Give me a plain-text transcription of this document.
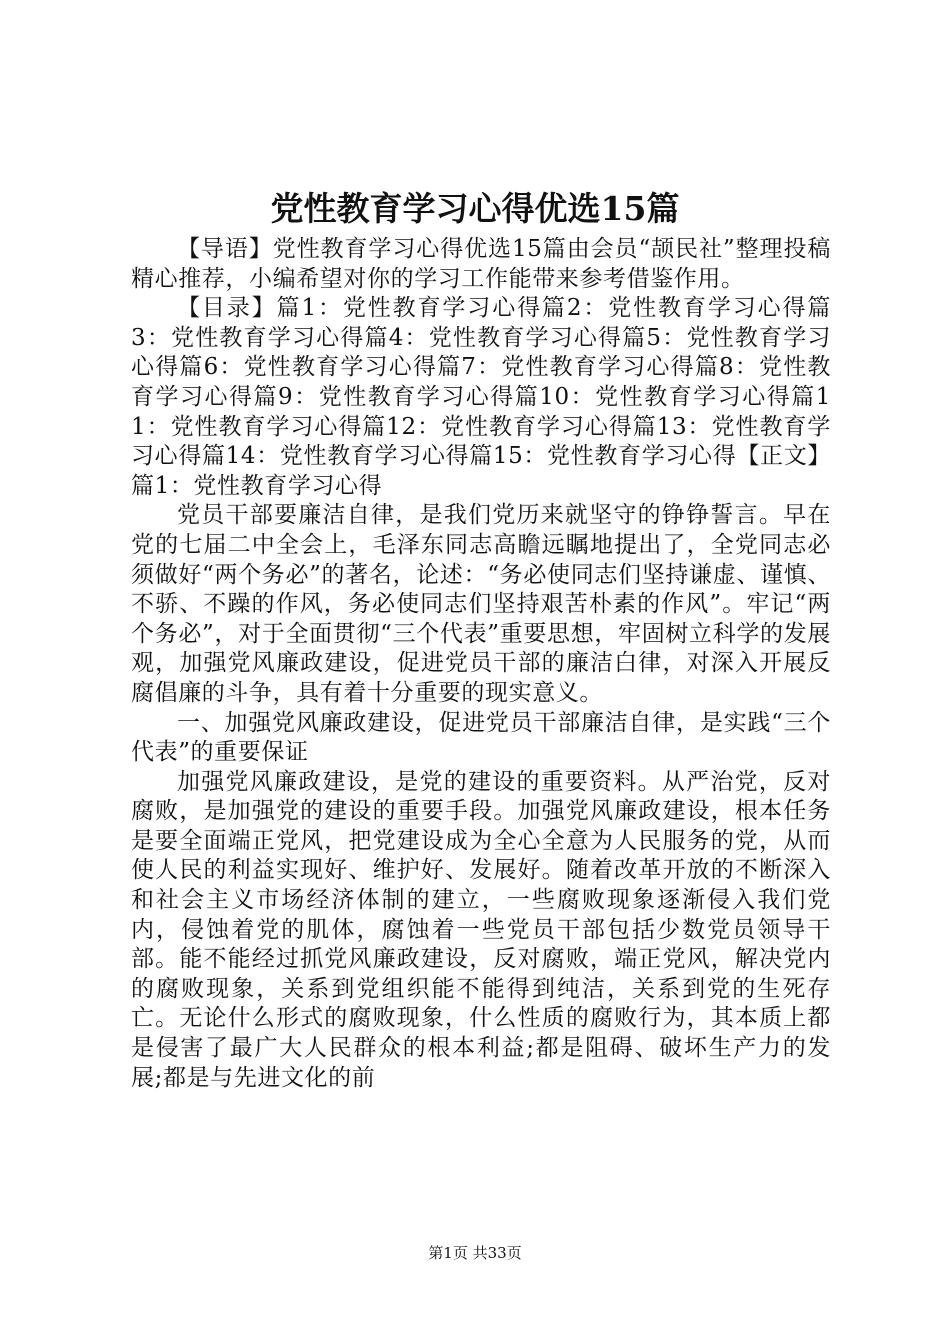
党性教育学习心得优选15篇

【导语】党性教育学习心得优选15篇由会员“颉民社”整理投稿精心推荐，小编希望对你的学习工作能带来参考借鉴作用。

【目录】篇1：党性教育学习心得篇2：党性教育学习心得篇3：党性教育学习心得篇4：党性教育学习心得篇5：党性教育学习心得篇6：党性教育学习心得篇7：党性教育学习心得篇8：党性教育学习心得篇9：党性教育学习心得篇10：党性教育学习心得篇11：党性教育学习心得篇12：党性教育学习心得篇13：党性教育学习心得篇14：党性教育学习心得篇15：党性教育学习心得【正文】篇1：党性教育学习心得

党员干部要廉洁自律，是我们党历来就坚守的铮铮誓言。早在党的七届二中全会上，毛泽东同志高瞻远瞩地提出了，全党同志必须做好“两个务必”的著名，论述：“务必使同志们坚持谦虚、谨慎、不骄、不躁的作风，务必使同志们坚持艰苦朴素的作风”。牢记“两个务必”，对于全面贯彻“三个代表”重要思想，牢固树立科学的发展观，加强党风廉政建设，促进党员干部的廉洁白律，对深入开展反腐倡廉的斗争，具有着十分重要的现实意义。

一、加强党风廉政建设，促进党员干部廉洁自律，是实践“三个代表”的重要保证

加强党风廉政建设，是党的建设的重要资料。从严治党，反对腐败，是加强党的建设的重要手段。加强党风廉政建设，根本任务是要全面端正党风，把党建设成为全心全意为人民服务的党，从而使人民的利益实现好、维护好、发展好。随着改革开放的不断深入和社会主义市场经济体制的建立，一些腐败现象逐渐侵入我们党内，侵蚀着党的肌体，腐蚀着一些党员干部包括少数党员领导干部。能不能经过抓党风廉政建设，反对腐败，端正党风，解决党内的腐败现象，关系到党组织能不能得到纯洁，关系到党的生死存亡。无论什么形式的腐败现象，什么性质的腐败行为，其本质上都是侵害了最广大人民群众的根本利益;都是阻碍、破坏生产力的发展;都是与先进文化的前

第1页 共33页
